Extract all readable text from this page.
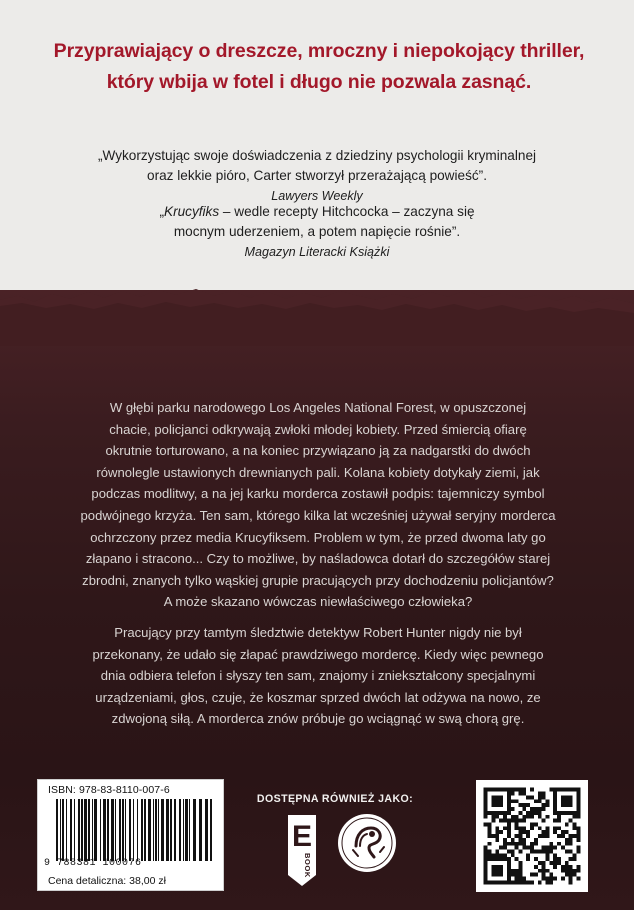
Przyprawiający o dreszcze, mroczny i niepokojący thriller,
który wbija w fotel i długo nie pozwala zasnąć.
„Wykorzystując swoje doświadczenia z dziedziny psychologii kryminalnej
oraz lekkie pióro, Carter stworzył przerażającą powieść”.
Lawyers Weekly
„Krucyfiks – wedle recepty Hitchcocka – zaczyna się
mocnym uderzeniem, a potem napięcie rośnie”.
Magazyn Literacki Książki
W głębi parku narodowego Los Angeles National Forest, w opuszczonej
chacie, policjanci odkrywają zwłoki młodej kobiety. Przed śmiercią ofiarę
okrutnie torturowano, a na koniec przywiązano ją za nadgarstki do dwóch
równolegle ustawionych drewnianych pali. Kolana kobiety dotykały ziemi, jak
podczas modlitwy, a na jej karku morderca zostawił podpis: tajemniczy symbol
podwójnego krzyża. Ten sam, którego kilka lat wcześniej używał seryjny morderca
ochrzczony przez media Krucyfiksem. Problem w tym, że przed dwoma laty go
złapano i stracono... Czy to możliwe, by naśladowca dotarł do szczegółów starej
zbrodni, znanych tylko wąskiej grupie pracujących przy dochodzeniu policjantów?
A może skazano wówczas niewłaściwego człowieka?
Pracujący przy tamtym śledztwie detektyw Robert Hunter nigdy nie był
przekonany, że udało się złapać prawdziwego mordercę. Kiedy więc pewnego
dnia odbiera telefon i słyszy ten sam, znajomy i zniekształcony specjalnymi
urządzeniami, głos, czuje, że koszmar sprzed dwóch lat odżywa na nowo, ze
zdwojoną siłą. A morderca znów próbuje go wciągnąć w swą chorą grę.
ISBN: 978-83-8110-007-6
9 788381 100076
Cena detaliczna: 38,00 zł
DOSTĘPNA RÓWNIEŻ JAKO:
E
BOOK
